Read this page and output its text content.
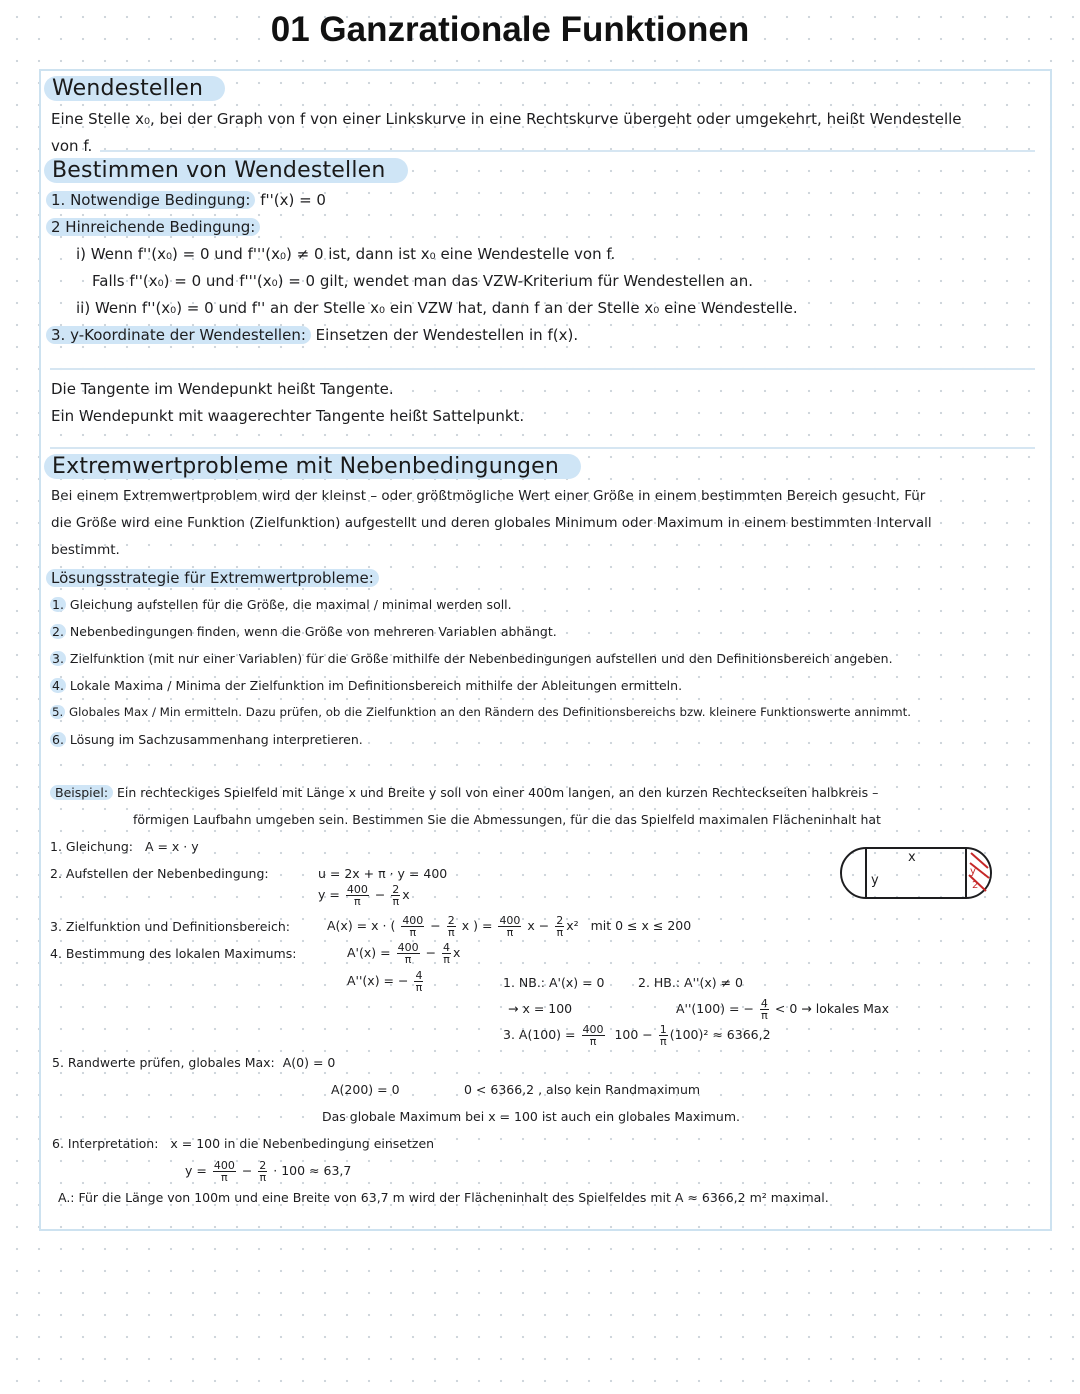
01 Ganzrationale Funktionen
Wendestellen
Eine Stelle x₀, bei der Graph von f von einer Linkskurve in eine Rechtskurve übergeht oder umgekehrt, heißt Wendestelle
von f.
Bestimmen von Wendestellen
1. Notwendige Bedingung: f''(x) = 0
2 Hinreichende Bedingung:
i) Wenn f''(x₀) = 0 und f'''(x₀) ≠ 0 ist, dann ist x₀ eine Wendestelle von f.
Falls f''(x₀) = 0 und f'''(x₀) = 0 gilt, wendet man das VZW-Kriterium für Wendestellen an.
ii) Wenn f''(x₀) = 0 und f'' an der Stelle x₀ ein VZW hat, dann f an der Stelle x₀ eine Wendestelle.
3. y-Koordinate der Wendestellen: Einsetzen der Wendestellen in f(x).
Die Tangente im Wendepunkt heißt Tangente.
Ein Wendepunkt mit waagerechter Tangente heißt Sattelpunkt.
Extremwertprobleme mit Nebenbedingungen
Bei einem Extremwertproblem wird der kleinst – oder größtmögliche Wert einer Größe in einem bestimmten Bereich gesucht. Für
die Größe wird eine Funktion (Zielfunktion) aufgestellt und deren globales Minimum oder Maximum in einem bestimmten Intervall
bestimmt.
Lösungsstrategie für Extremwertprobleme:
1. Gleichung aufstellen für die Größe, die maximal / minimal werden soll.
2. Nebenbedingungen finden, wenn die Größe von mehreren Variablen abhängt.
3. Zielfunktion (mit nur einer Variablen) für die Größe mithilfe der Nebenbedingungen aufstellen und den Definitionsbereich angeben.
4. Lokale Maxima / Minima der Zielfunktion im Definitionsbereich mithilfe der Ableitungen ermitteln.
5. Globales Max / Min ermitteln. Dazu prüfen, ob die Zielfunktion an den Rändern des Definitionsbereichs bzw. kleinere Funktionswerte annimmt.
6. Lösung im Sachzusammenhang interpretieren.
Beispiel: Ein rechteckiges Spielfeld mit Länge x und Breite y soll von einer 400m langen, an den kurzen Rechteckseiten halbkreis –
förmigen Laufbahn umgeben sein. Bestimmen Sie die Abmessungen, für die das Spielfeld maximalen Flächeninhalt hat
1. Gleichung: A = x · y
2. Aufstellen der Nebenbedingung:	u = 2x + π · y = 400
$y = \frac{400}{\pi} - \frac{2}{\pi}$ x
x
y
y
2
3. Zielfunktion und Definitionsbereich:	A(x) = x · ( $\frac{400}{\pi} - \frac{2}{\pi}$ x ) = $\frac{400}{\pi}$ $x - \frac{2}{\pi} x^2$ mit 0 ≤ x ≤ 200
4. Bestimmung des lokalen Maximums:	$A'(x) = \frac{400}{\pi} - \frac{4}{\pi}$ x
A''(x) = − $\frac{4}{\pi}$	1. NB.: A'(x) = 0	2. HB.: A''(x) ≠ 0
→ x = 100	A''(100) = − $\frac{4}{\pi} < 0$ → lokales Max
3. $A(100) = \frac{400}{\pi} 100 - \frac{1}{\pi} (100)^2 \approx 6366,2$
5. Randwerte prüfen, globales Max: A(0) = 0
A(200) = 0	0 < 6366,2 , also kein Randmaximum
Das globale Maximum bei x = 100 ist auch ein globales Maximum.
6. Interpretation: x = 100 in die Nebenbedingung einsetzen
$y = \frac{400}{\pi} - \frac{2}{\pi} \cdot 100 \approx 63,7$
A.: Für die Länge von 100m und eine Breite von 63,7 m wird der Flächeninhalt des Spielfeldes mit A ≈ 6366,2 m² maximal.
